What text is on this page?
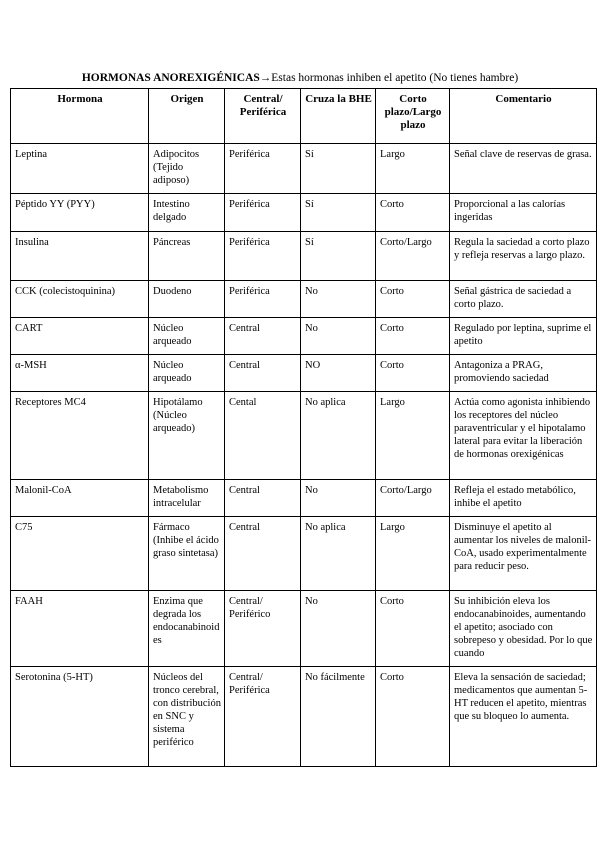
HORMONAS ANOREXIGÉNICAS→Estas hormonas inhiben el apetito (No tienes hambre)
Hormona	Origen	Central/ Periférica	Cruza la BHE	Corto plazo/Largo plazo	Comentario
Leptina	Adipocitos (Tejido adiposo)	Periférica	Sí	Largo	Señal clave de reservas de grasa.
Péptido YY (PYY)	Intestino delgado	Periférica	Sí	Corto	Proporcional a las calorías ingeridas
Insulina	Páncreas	Periférica	Sí	Corto/Largo	Regula la saciedad a corto plazo y refleja reservas a largo plazo.
CCK (colecistoquinina)	Duodeno	Periférica	No	Corto	Señal gástrica de saciedad a corto plazo.
CART	Núcleo arqueado	Central	No	Corto	Regulado por leptina, suprime el apetito
α-MSH	Núcleo arqueado	Central	NO	Corto	Antagoniza a PRAG, promoviendo saciedad
Receptores MC4	Hipotálamo (Núcleo arqueado)	Cental	No aplica	Largo	Actúa como agonista inhibiendo los receptores del núcleo paraventricular y el hipotalamo lateral para evitar la liberación de hormonas orexigénicas
Malonil-CoA	Metabolismo intracelular	Central	No	Corto/Largo	Refleja el estado metabólico, inhibe el apetito
C75	Fármaco (Inhibe el ácido graso sintetasa)	Central	No aplica	Largo	Disminuye el apetito al aumentar los niveles de malonil-CoA, usado experimentalmente para reducir peso.
FAAH	Enzima que degrada los endocanabinoides	Central/ Periférico	No	Corto	Su inhibición eleva los endocanabinoides, aumentando el apetito; asociado con sobrepeso y obesidad. Por lo que cuando
Serotonina (5-HT)	Núcleos del tronco cerebral, con distribución en SNC y sistema periférico	Central/ Periférica	No fácilmente	Corto	Eleva la sensación de saciedad; medicamentos que aumentan 5-HT reducen el apetito, mientras que su bloqueo lo aumenta.
